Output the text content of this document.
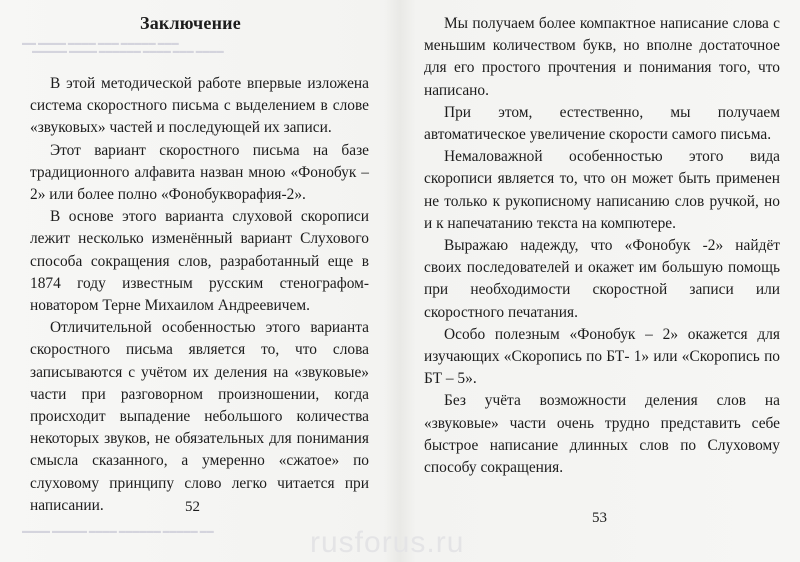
▬▬ ▬▬▬▬ ▬▬▬▬ ▬▬▬ ▬▬▬▬▬ ▬▬▬
▬▬▬▬▬ ▬▬▬▬ ▬▬▬▬▬▬ ▬▬▬▬ ▬▬▬ ▬▬▬▬
▬▬▬▬ ▬▬▬▬▬ ▬▬▬▬ ▬▬▬▬▬▬ ▬▬▬▬▬ ▬▬
Заключение

В этой методической работе впервые изложена система скоростного письма с выделением в слове «звуковых» частей и последующей их записи.

Этот вариант скоростного письма на базе традиционного алфавита назван мною «Фонобук – 2» или более полно «Фонобукворафия-2».

В основе этого варианта слуховой скорописи лежит несколько изменённый вариант Слухового способа сокращения слов, разработанный еще в 1874 году известным русским стенографом-новатором Терне Михаилом Андреевичем.

Отличительной особенностью этого варианта скоростного письма является то, что слова записываются с учётом их деления на «звуковые» части при разговорном произношении, когда происходит выпадение небольшого количества некоторых звуков, не обязательных для понимания смысла сказанного, а умеренно «сжатое» по слуховому принципу слово легко читается при написании.	52

Мы получаем более компактное написание слова с меньшим количеством букв, но вполне достаточное для его простого прочтения и понимания того, что написано.

При этом, естественно, мы получаем автоматическое увеличение скорости самого письма.

Немаловажной особенностью этого вида скорописи является то, что он может быть применен не только к рукописному написанию слов ручкой, но и к напечатанию текста на компютере.

Выражаю надежду, что «Фонобук -2» найдёт своих последователей и окажет им большую помощь при необходимости скоростной записи или скоростного печатания.

Особо полезным «Фонобук – 2» окажется для изучающих «Скоропись по БТ- 1» или «Скоропись по БТ – 5».

Без учёта возможности деления слов на «звуковые» части очень трудно представить себе быстрое написание длинных слов по Слуховому способу сокращения.

53
rusforus.ru
